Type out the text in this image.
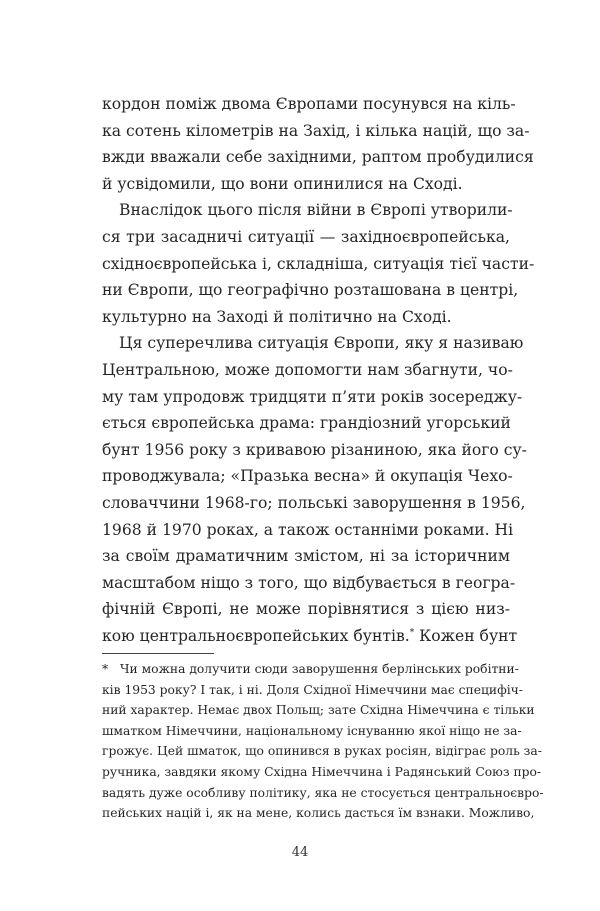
кордон поміж двома Європами посунувся на кіль-
ка сотень кілометрів на Захід, і кілька націй, що за-
вжди вважали себе західними, раптом пробудилися
й усвідомили, що вони опинилися на Сході.
Внаслідок цього після війни в Європі утворили-
ся три засадничі ситуації — західноєвропейська,
східноєвропейська і, складніша, ситуація тієї части-
ни Європи, що географічно розташована в центрі,
культурно на Заході й політично на Сході.
Ця суперечлива ситуація Європи, яку я називаю
Центральною, може допомогти нам збагнути, чо-
му там упродовж тридцяти п’яти років зосереджу-
ється європейська драма: грандіозний угорський
бунт 1956 року з кривавою різаниною, яка його су-
проводжувала; «Празька весна» й окупація Чехо-
словаччини 1968-го; польські заворушення в 1956,
1968 й 1970 роках, а також останніми роками. Ні
за своїм драматичним змістом, ні за історичним
масштабом ніщо з того, що відбувається в геогра-
фічній Європі, не може порівнятися з цією низ-
кою центральноєвропейських бунтів.* Кожен бунт
* Чи можна долучити сюди заворушення берлінських робітни-
ків 1953 року? І так, і ні. Доля Східної Німеччини має специфіч-
ний характер. Немає двох Польщ; зате Східна Німеччина є тільки
шматком Німеччини, національному існуванню якої ніщо не за-
грожує. Цей шматок, що опинився в руках росіян, відіграє роль за-
ручника, завдяки якому Східна Німеччина і Радянський Союз про-
вадять дуже особливу політику, яка не стосується центральноєвро-
пейських націй і, як на мене, колись дасться їм взнаки. Можливо,
44
